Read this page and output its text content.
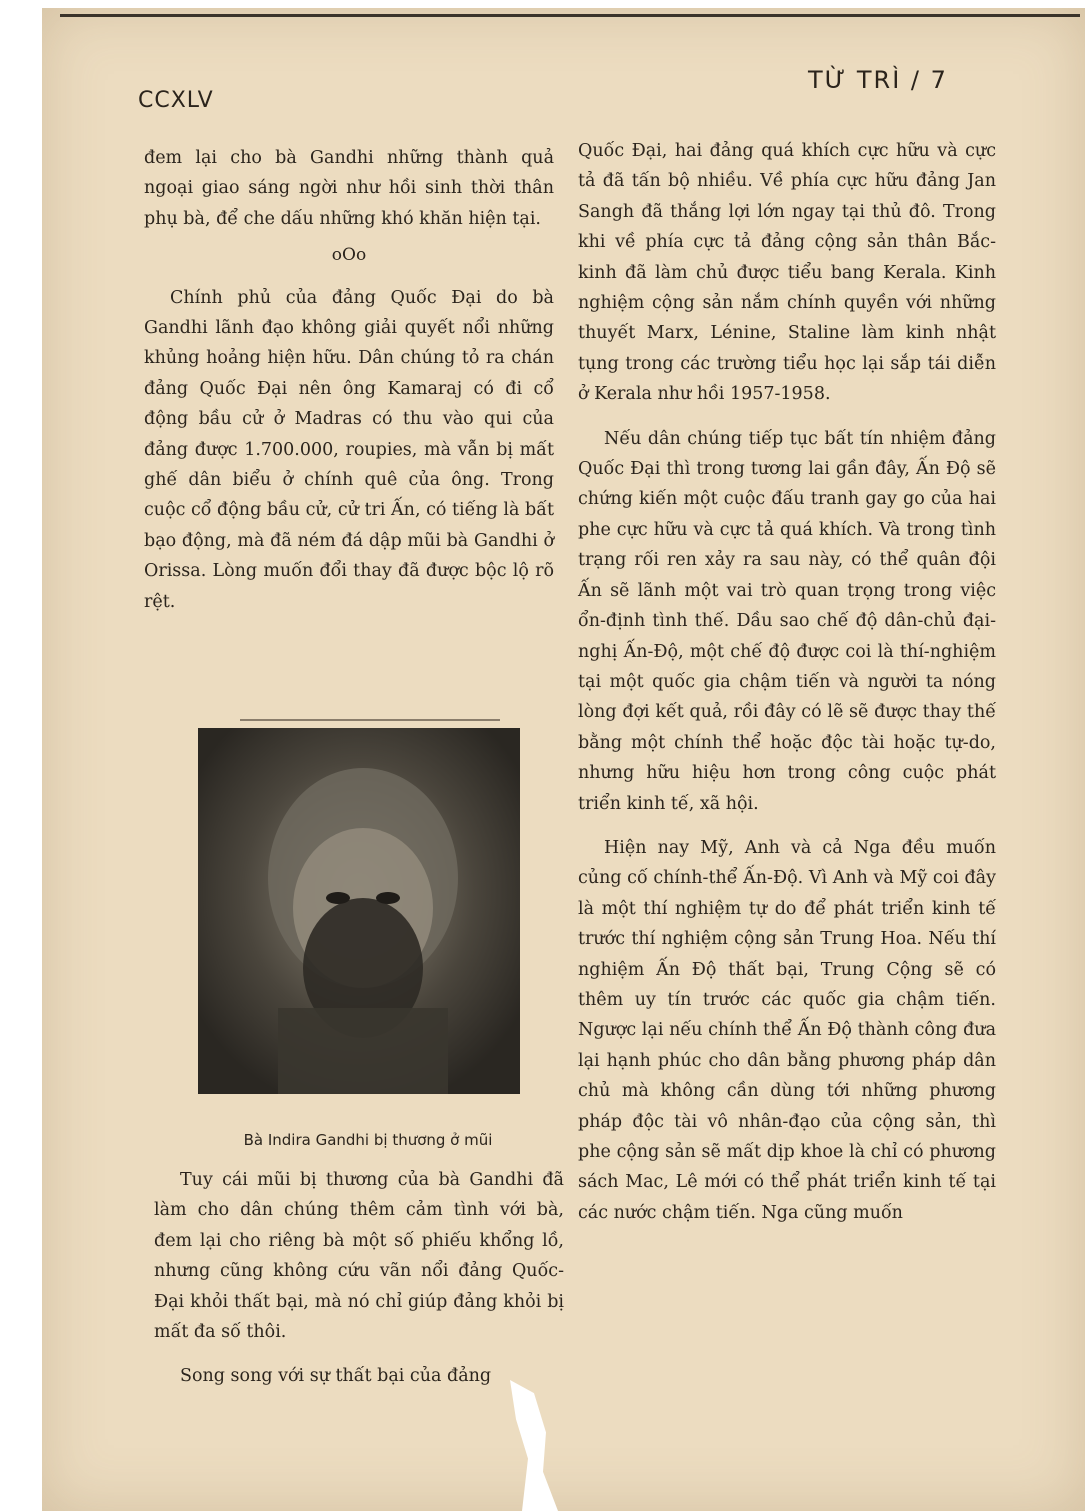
CCXLV
TỪ TRÌ / 7

đem lại cho bà Gandhi những thành quả ngoại giao sáng ngời như hồi sinh thời thân phụ bà, để che dấu những khó khăn hiện tại.

oOo

Chính phủ của đảng Quốc Đại do bà Gandhi lãnh đạo không giải quyết nổi những khủng hoảng hiện hữu. Dân chúng tỏ ra chán đảng Quốc Đại nên ông Kamaraj có đi cổ động bầu cử ở Madras có thu vào qui của đảng được 1.700.000, roupies, mà vẫn bị mất ghế dân biểu ở chính quê của ông. Trong cuộc cổ động bầu cử, cử tri Ấn, có tiếng là bất bạo động, mà đã ném đá dập mũi bà Gandhi ở Orissa. Lòng muốn đổi thay đã được bộc lộ rõ rệt.

Bà Indira Gandhi bị thương ở mũi

Tuy cái mũi bị thương của bà Gandhi đã làm cho dân chúng thêm cảm tình với bà, đem lại cho riêng bà một số phiếu khổng lồ, nhưng cũng không cứu vãn nổi đảng Quốc-Đại khỏi thất bại, mà nó chỉ giúp đảng khỏi bị mất đa số thôi.

Song song với sự thất bại của đảng

Quốc Đại, hai đảng quá khích cực hữu và cực tả đã tấn bộ nhiều. Về phía cực hữu đảng Jan Sangh đã thắng lợi lớn ngay tại thủ đô. Trong khi về phía cực tả đảng cộng sản thân Bắc-kinh đã làm chủ được tiểu bang Kerala. Kinh nghiệm cộng sản nắm chính quyền với những thuyết Marx, Lénine, Staline làm kinh nhật tụng trong các trường tiểu học lại sắp tái diễn ở Kerala như hồi 1957-1958.

Nếu dân chúng tiếp tục bất tín nhiệm đảng Quốc Đại thì trong tương lai gần đây, Ấn Độ sẽ chứng kiến một cuộc đấu tranh gay go của hai phe cực hữu và cực tả quá khích. Và trong tình trạng rối ren xảy ra sau này, có thể quân đội Ấn sẽ lãnh một vai trò quan trọng trong việc ổn-định tình thế. Dầu sao chế độ dân-chủ đại-nghị Ấn-Độ, một chế độ được coi là thí-nghiệm tại một quốc gia chậm tiến và người ta nóng lòng đợi kết quả, rồi đây có lẽ sẽ được thay thế bằng một chính thể hoặc độc tài hoặc tự-do, nhưng hữu hiệu hơn trong công cuộc phát triển kinh tế, xã hội.

Hiện nay Mỹ, Anh và cả Nga đều muốn củng cố chính-thể Ấn-Độ. Vì Anh và Mỹ coi đây là một thí nghiệm tự do để phát triển kinh tế trước thí nghiệm cộng sản Trung Hoa. Nếu thí nghiệm Ấn Độ thất bại, Trung Cộng sẽ có thêm uy tín trước các quốc gia chậm tiến. Ngược lại nếu chính thể Ấn Độ thành công đưa lại hạnh phúc cho dân bằng phương pháp dân chủ mà không cần dùng tới những phương pháp độc tài vô nhân-đạo của cộng sản, thì phe cộng sản sẽ mất dịp khoe là chỉ có phương sách Mac, Lê mới có thể phát triển kinh tế tại các nước chậm tiến. Nga cũng muốn
